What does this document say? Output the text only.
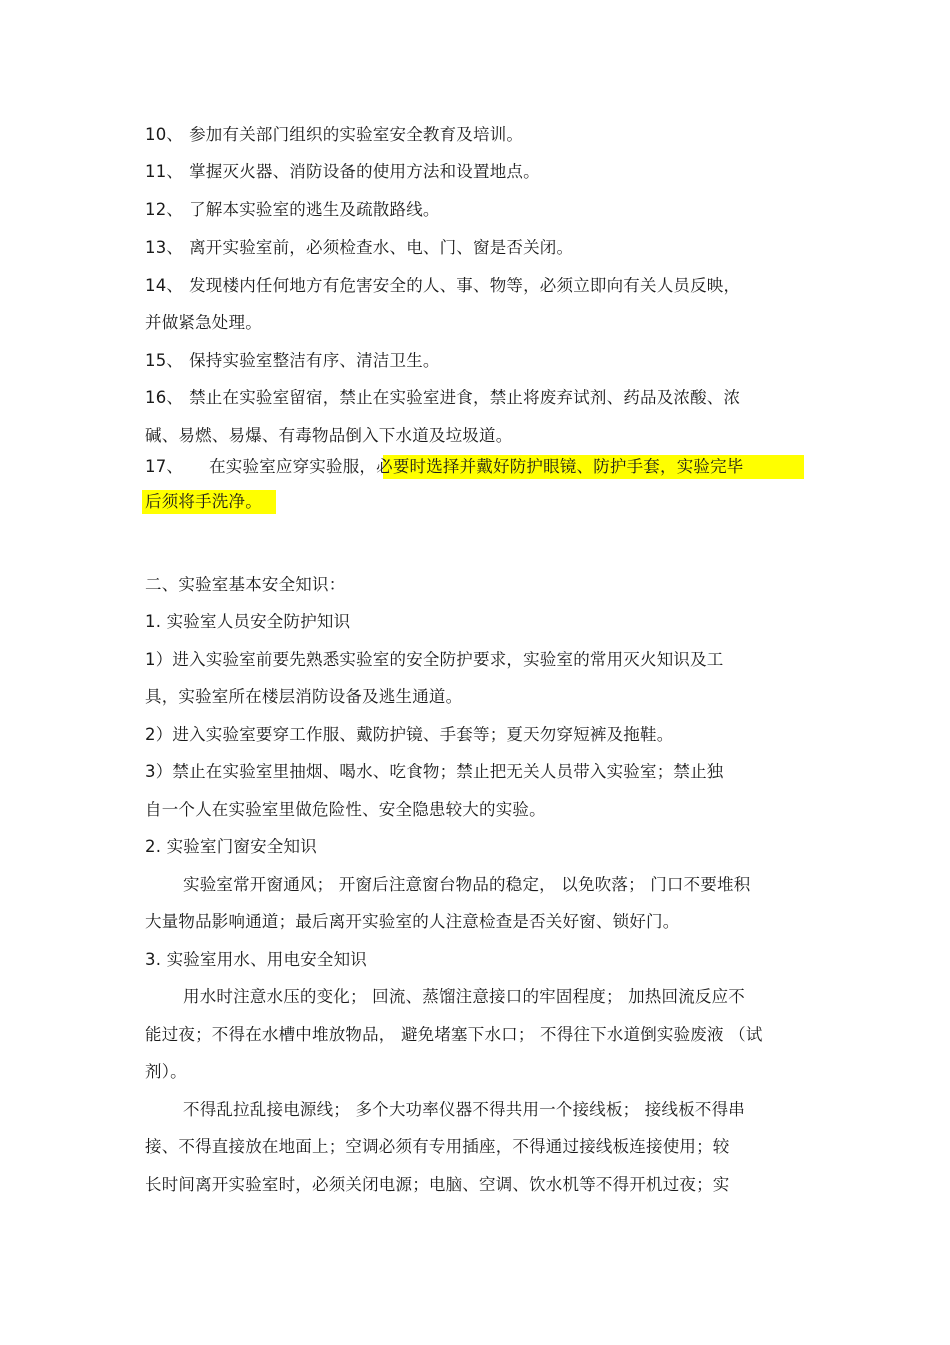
10、 参加有关部门组织的实验室安全教育及培训。
11、 掌握灭火器、消防设备的使用方法和设置地点。
12、 了解本实验室的逃生及疏散路线。
13、 离开实验室前，必须检查水、电、门、窗是否关闭。
14、 发现楼内任何地方有危害安全的人、事、物等，必须立即向有关人员反映，
并做紧急处理。
15、 保持实验室整洁有序、清洁卫生。
16、 禁止在实验室留宿，禁止在实验室进食，禁止将废弃试剂、药品及浓酸、浓
碱、易燃、易爆、有毒物品倒入下水道及垃圾道。
17、 在实验室应穿实验服，必要时选择并戴好防护眼镜、防护手套，实验完毕
后须将手洗净。
二、实验室基本安全知识：
1. 实验室人员安全防护知识
1）进入实验室前要先熟悉实验室的安全防护要求，实验室的常用灭火知识及工
具，实验室所在楼层消防设备及逃生通道。
2）进入实验室要穿工作服、戴防护镜、手套等；夏天勿穿短裤及拖鞋。
3）禁止在实验室里抽烟、喝水、吃食物；禁止把无关人员带入实验室；禁止独
自一个人在实验室里做危险性、安全隐患较大的实验。
2. 实验室门窗安全知识
实验室常开窗通风； 开窗后注意窗台物品的稳定， 以免吹落； 门口不要堆积
大量物品影响通道；最后离开实验室的人注意检查是否关好窗、锁好门。
3. 实验室用水、用电安全知识
用水时注意水压的变化； 回流、蒸馏注意接口的牢固程度； 加热回流反应不
能过夜；不得在水槽中堆放物品， 避免堵塞下水口； 不得往下水道倒实验废液 （试
剂）。
不得乱拉乱接电源线； 多个大功率仪器不得共用一个接线板； 接线板不得串
接、不得直接放在地面上；空调必须有专用插座，不得通过接线板连接使用；较
长时间离开实验室时，必须关闭电源；电脑、空调、饮水机等不得开机过夜；实
